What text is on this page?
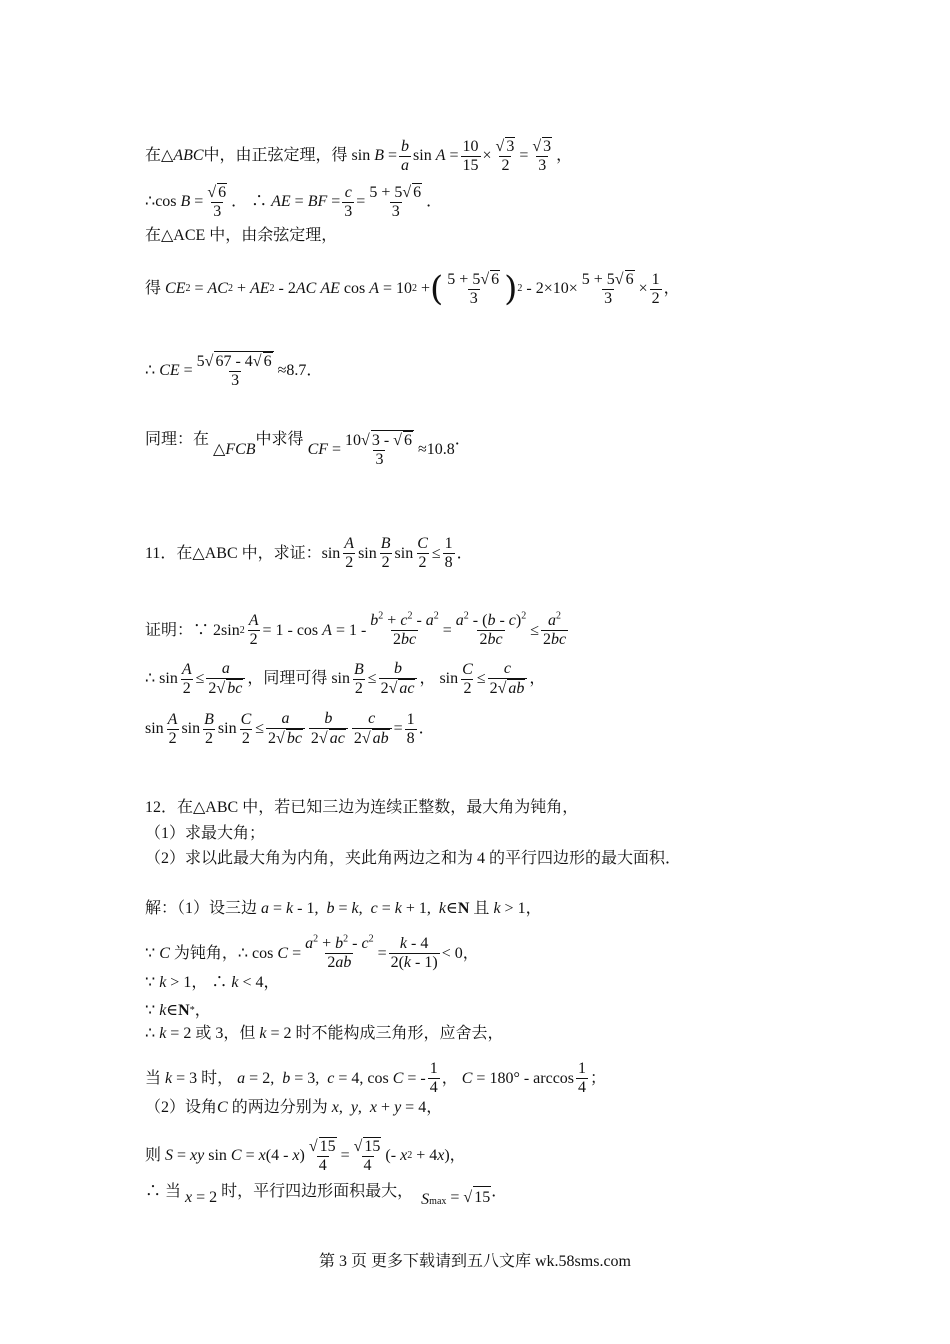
在△ ABC 中，由正弦定理，得 sin
$B = \frac{b}{a}$ sin
$A = \frac{10}{15}$ × √ $\frac{3}{2}$ = √ $\frac{3}{3}$ ，
∴ cos
B = √ $\frac{6}{3}$ ． ∴ AE = BF = $\frac{c}{3} = \frac{5 + 5 √ 6}{3}$ ．
在△ACE 中，由余弦定理，
得
CE 2 = AC 2 + AE 2 - 2 AC
AE cos A = 10 2 + ( $\frac{5 + 5 √ 6}{3}$ ) $2 - 2\times 10\times \frac{5 + 5 √ 6}{3} \times \frac{1}{2}$ ，
∴
CE = $\frac{5 √ 67 - 4 √ 6}{3} \approx 8.7$．
同理：在

△FCB
中求得

CF
= $\frac{10 √ 3 - √ 6}{3} \approx 10.8$
．
11．在△ABC 中，求证： $\sin \frac{A}{2}$ $\sin \frac{B}{2}$ $\sin \frac{C}{2} \le \frac{1}{8}$ ．
证明：∵ 2sin $2 \frac{A}{2} = 1 - \cos A = 1 - \frac{b^2 + c^2 - a^2}{2bc} = \frac{a^2 - (b - c)^2}{2bc} \le \frac{a^2}{2bc}$
∴ $\sin \frac{A}{2} \le \frac{a}{2 √ bc}$ ，同理可得 $\sin \frac{B}{2} \le \frac{b}{2 √ ac}$ ， $\sin \frac{C}{2} \le \frac{c}{2 √ ab}$ ，
$\sin \frac{A}{2}$ $\sin \frac{B}{2}$ $\sin \frac{C}{2} \le \frac{a}{2 √ bc} \frac{b}{2 √ ac} \frac{c}{2 √ ab} = \frac{1}{8}$ ．
12．在△ABC 中，若已知三边为连续正整数，最大角为钝角，
（1）求最大角；
（2）求以此最大角为内角，夹此角两边之和为 4 的平行四边形的最大面积．
解：（1）设三边
a = k - 1, b = k , c = k + 1, k ∈ N 且 k > 1，
∵ C
为钝角， ∴ $\cos C = \frac{a^2 + b^2 - c^2}{2ab} = \frac{k - 4}{2(k - 1)} < 0$，
∵
k > 1， ∴ k < 4，
∵ k ∈ N * ，
∴ k = 2 或 3，但
k = 2 时不能构成三角形，应舍去，
当
k = 3 时，
a = 2, b = 3, c = 4, cos C = - $\frac{1}{4}$ ， $C = 180^\circ - \arccos \frac{1}{4}$ ；
（2）设角 C
的两边分别为
x , y , x + y = 4，
则
S = xy sin C = x (4 - x ) √ $\frac{15}{4}$ = √ $\frac{15}{4}$ (- x 2 + 4 x )，
∴ 当
x
= 2
时，平行四边形面积最大，
$S_{max}$
=
√ 15 ．
第 3 页 更多下载请到五八文库 wk.58sms.com
